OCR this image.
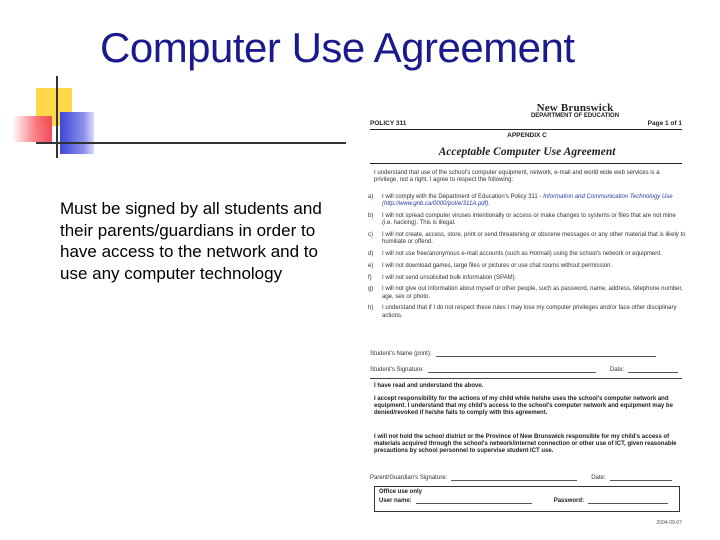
Computer Use Agreement
Must be signed by all students and their parents/guardians in order to have access to the network and to use any computer technology
New Brunswick
DEPARTMENT OF EDUCATION
POLICY 311	Page 1 of 1
APPENDIX C
Acceptable Computer Use Agreement
I understand that use of the school's computer equipment, network, e-mail and world wide web services is a privilege, not a right. I agree to respect the following:
a)	I will comply with the Department of Education's Policy 311 - Information and Communication Technology Use (http://www.gnb.ca/0000/pol/e/311A.pdf).
b)	I will not spread computer viruses intentionally or access or make changes to systems or files that are not mine (i.e. hacking). This is illegal.
c)	I will not create, access, store, print or send threatening or obscene messages or any other material that is likely to humiliate or offend.
d)	I will not use free/anonymous e-mail accounts (such as Hotmail) using the school's network or equipment.
e)	I will not download games, large files or pictures or use chat rooms without permission.
f)	I will not send unsolicited bulk information (SPAM).
g)	I will not give out information about myself or other people, such as password, name, address, telephone number, age, sex or photo.
h)	I understand that if I do not respect these rules I may lose my computer privileges and/or face other disciplinary actions.
Student's Name (print):
Student's Signature:	Date:
I have read and understand the above.
I accept responsibility for the actions of my child while he/she uses the school's computer network and equipment. I understand that my child's access to the school's computer network and equipment may be denied/revoked if he/she fails to comply with this agreement.
I will not hold the school district or the Province of New Brunswick responsible for my child's access of materials acquired through the school's network/internet connection or other use of ICT, given reasonable precautions by school personnel to supervise student ICT use.
Parent/Guardian's Signature:	Date:
Office use only
User name:	Password:
2004-09-07
